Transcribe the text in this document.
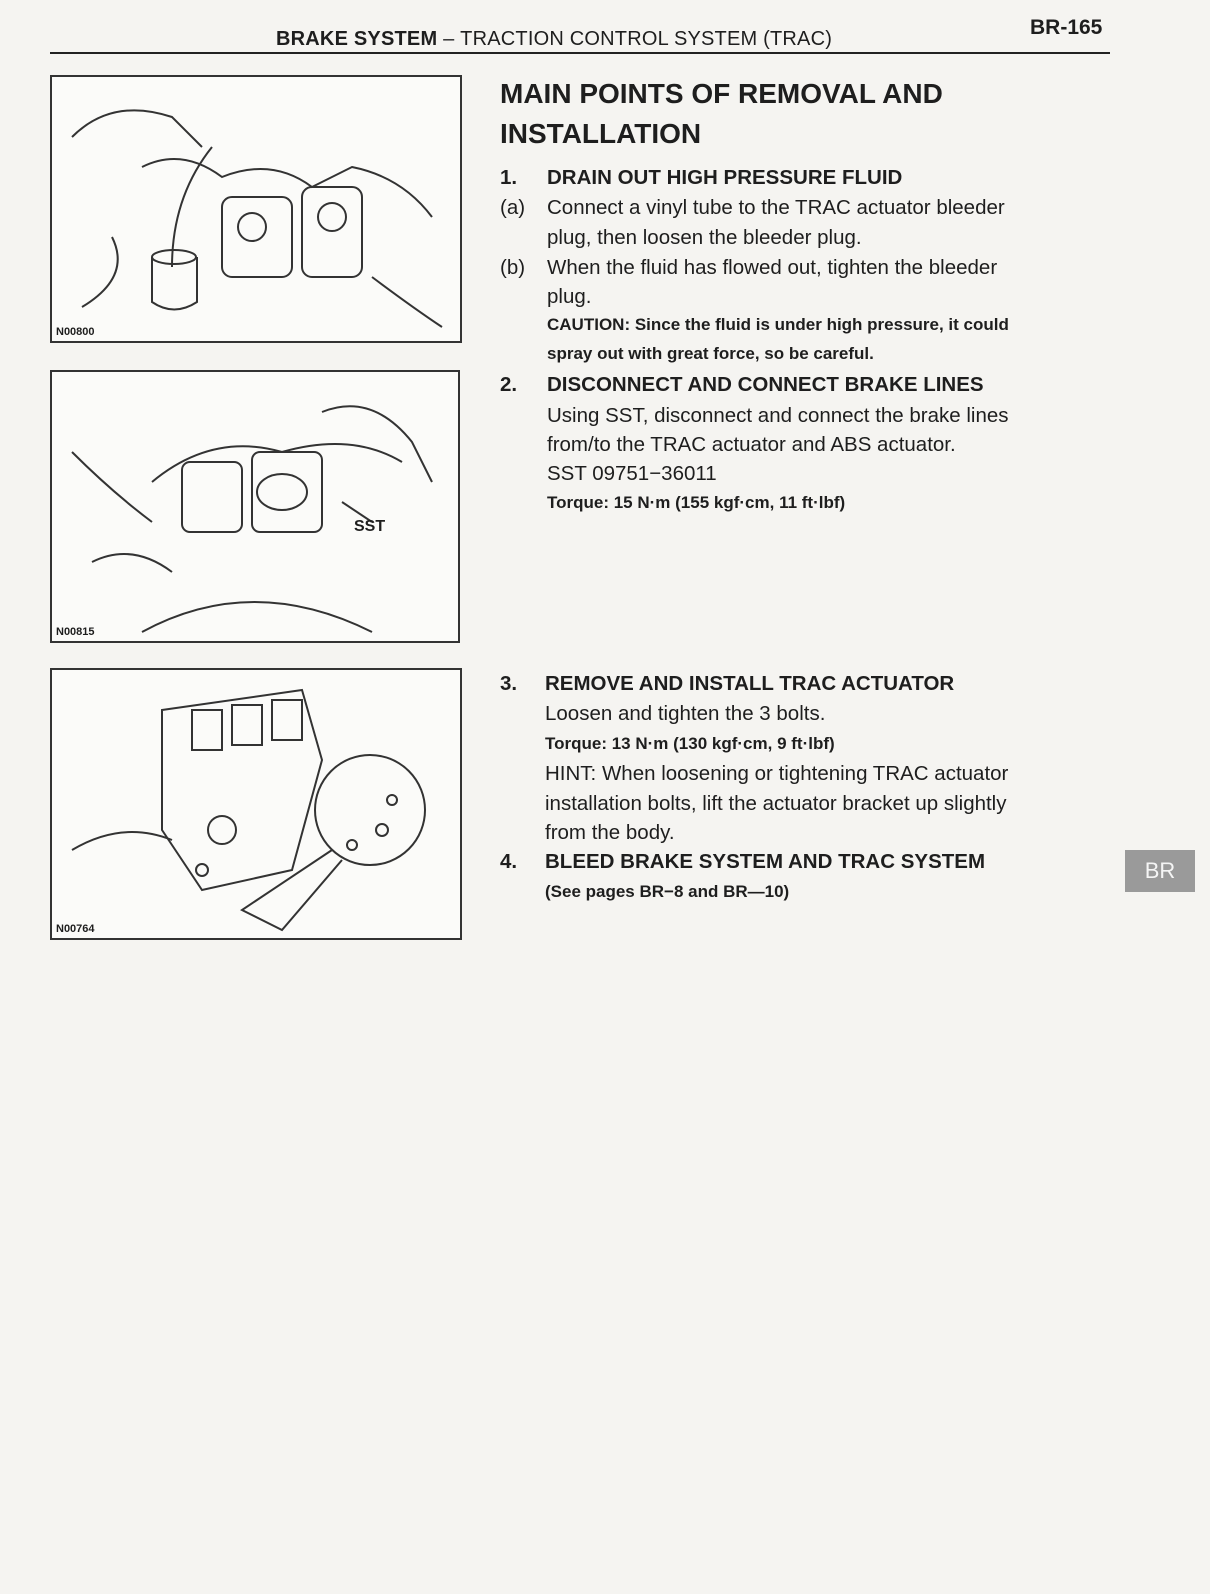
BRAKE SYSTEM – TRACTION CONTROL SYSTEM (TRAC)	BR-165
N00800
SST
N00815
N00764
MAIN POINTS OF REMOVAL AND
INSTALLATION
1. DRAIN OUT HIGH PRESSURE FLUID
(a) Connect a vinyl tube to the TRAC actuator bleeder
plug, then loosen the bleeder plug.
(b) When the fluid has flowed out, tighten the bleeder
plug.
CAUTION: Since the fluid is under high pressure, it could
spray out with great force, so be careful.
2. DISCONNECT AND CONNECT BRAKE LINES
Using SST, disconnect and connect the brake lines
from/to the TRAC actuator and ABS actuator.
SST 09751−36011
Torque: 15 N·m (155 kgf·cm, 11 ft·lbf)
3. REMOVE AND INSTALL TRAC ACTUATOR
Loosen and tighten the 3 bolts.
Torque: 13 N·m (130 kgf·cm, 9 ft·lbf)
HINT: When loosening or tightening TRAC actuator
installation bolts, lift the actuator bracket up slightly
from the body.
4. BLEED BRAKE SYSTEM AND TRAC SYSTEM
(See pages BR−8 and BR—10)
BR
